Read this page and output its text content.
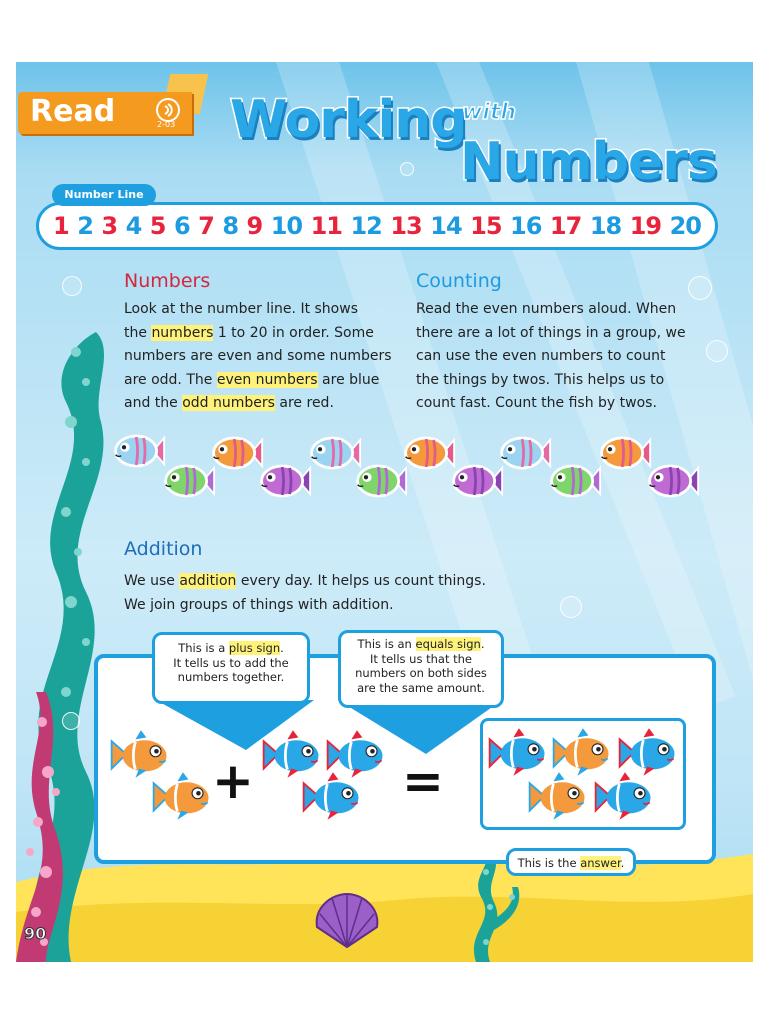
Read	2-03 Working
with
Numbers
1 2 3 4 5 6 7 8 9 10 11 12 13 14 15 16 17 18 19 20
Number Line
Numbers
Look at the number line. It shows
the numbers 1 to 20 in order. Some
numbers are even and some numbers
are odd. The even numbers are blue
and the odd numbers are red.
Counting
Read the even numbers aloud. When
there are a lot of things in a group, we
can use the even numbers to count
the things by twos. This helps us to
count fast. Count the fish by twos.
Addition
We use addition every day. It helps us count things.
We join groups of things with addition.
This is a plus sign.
It tells us to add the
numbers together.
This is an equals sign.
It tells us that the
numbers on both sides
are the same amount.
This is the answer.
+	=
90
